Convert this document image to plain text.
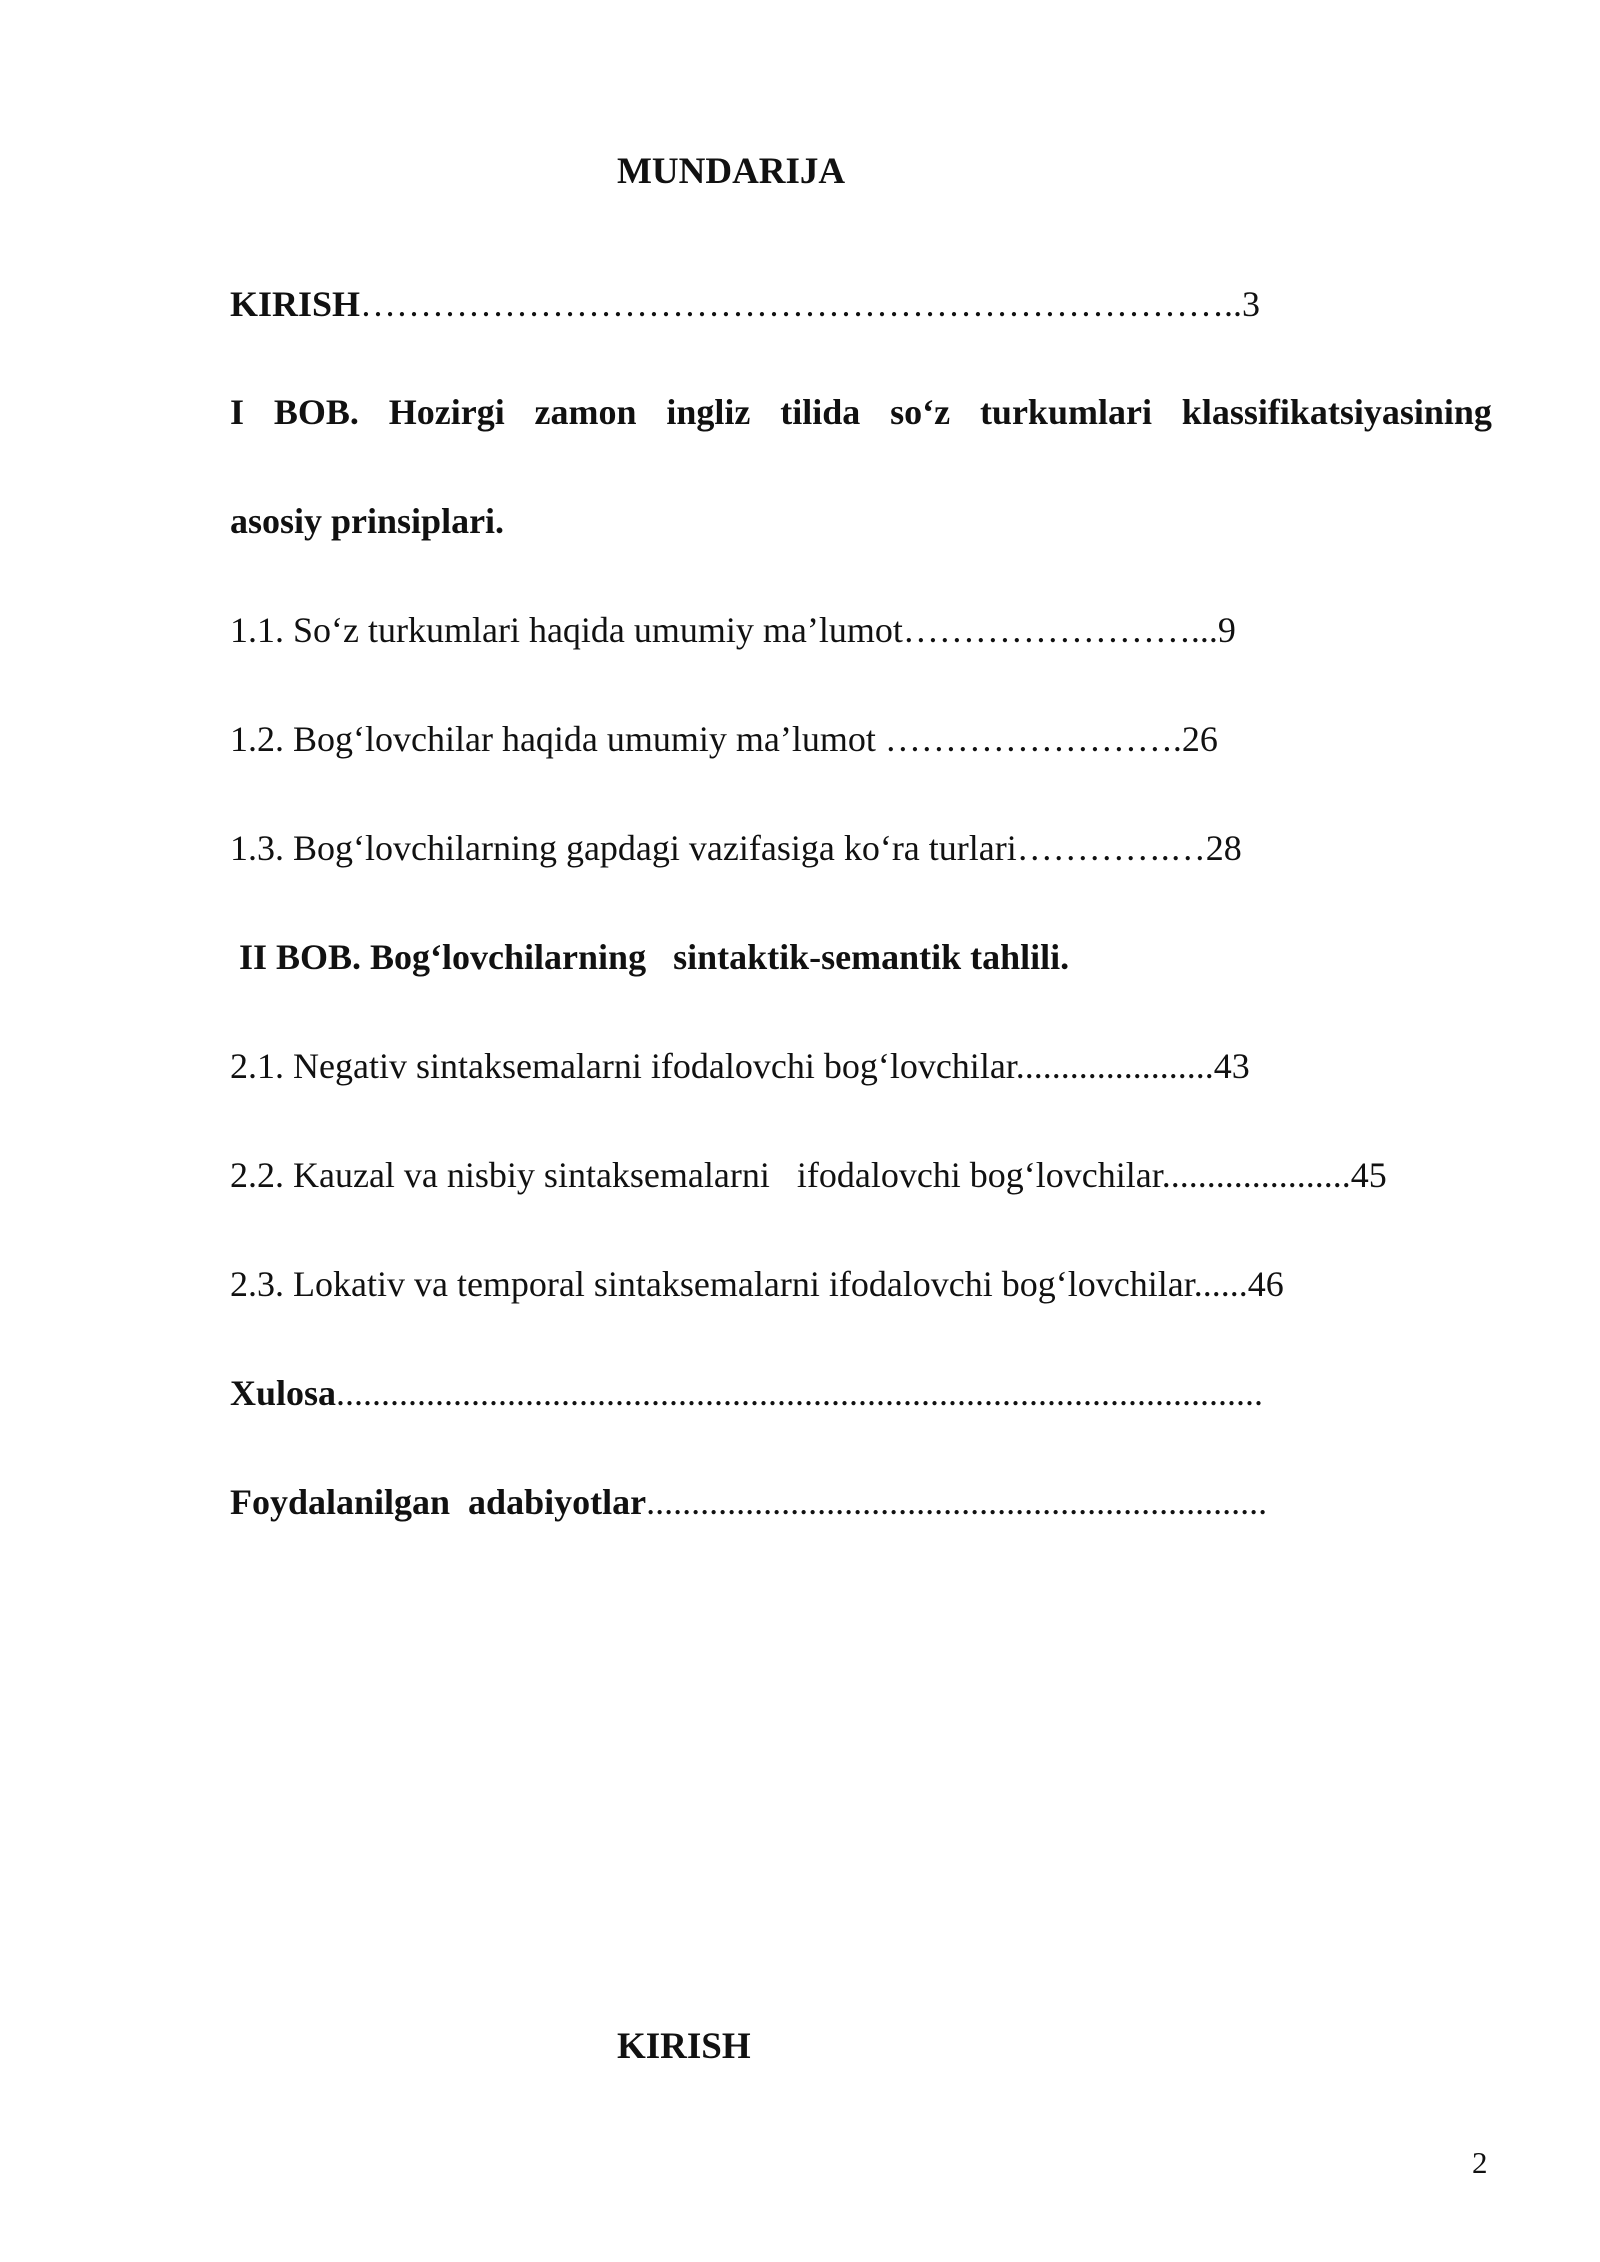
MUNDARIJA
KIRISH………………………………………………………………..3
I BOB. Hozirgi zamon ingliz tilida so‘z turkumlari klassifikatsiyasining
asosiy prinsiplari.
1.1. So‘z turkumlari haqida umumiy ma’lumot……………………...9
1.2. Bog‘lovchilar haqida umumiy ma’lumot …………………….26
1.3. Bog‘lovchilarning gapdagi vazifasiga ko‘ra turlari………….…28
II BOB. Bog‘lovchilarning   sintaktik-semantik tahlili.
2.1. Negativ sintaksemalarni ifodalovchi bog‘lovchilar......................43
2.2. Kauzal va nisbiy sintaksemalarni   ifodalovchi bog‘lovchilar.....................45
2.3. Lokativ va temporal sintaksemalarni ifodalovchi bog‘lovchilar......46
Xulosa.......................................................................................................
Foydalanilgan  adabiyotlar.....................................................................
KIRISH
2
